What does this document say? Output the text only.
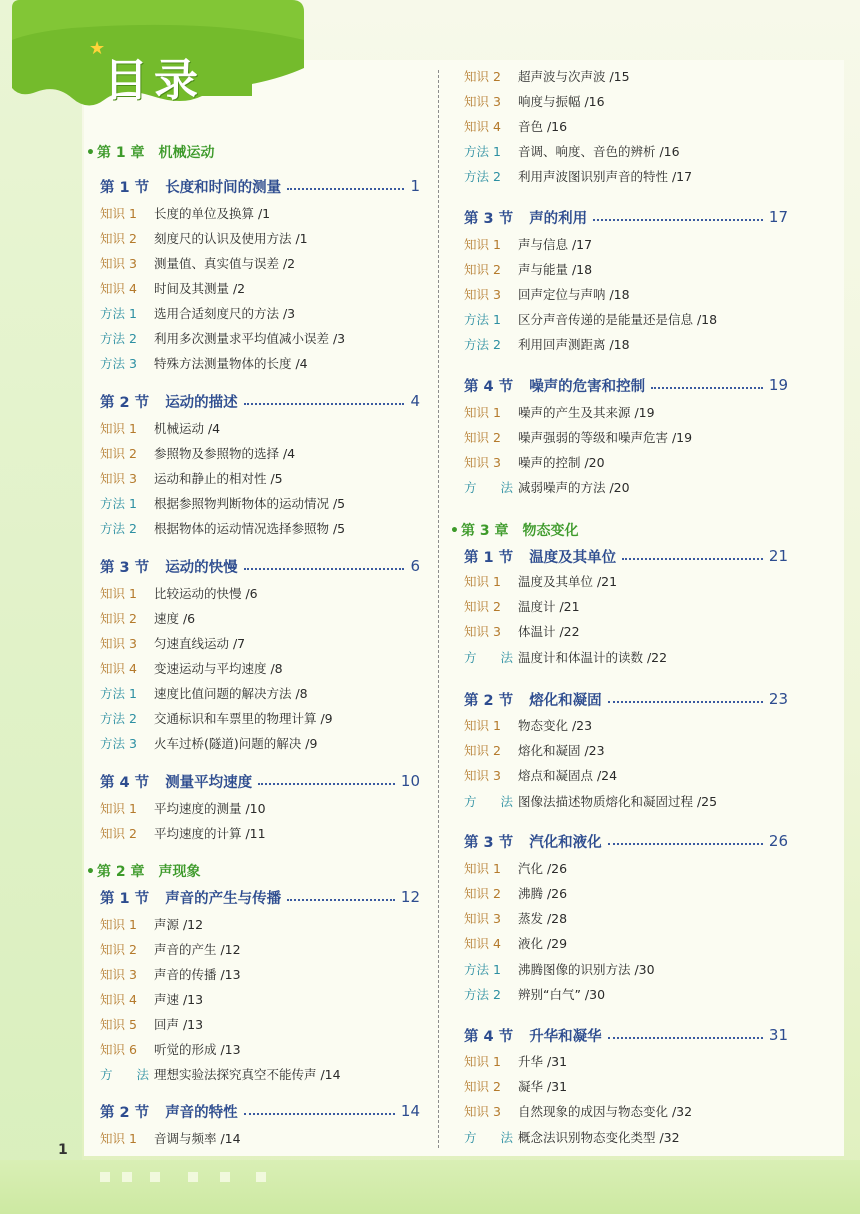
★
目录
• 第 1 章 机械运动
第 1 节 长度和时间的测量	1
知识 1 长度的单位及换算 /1
知识 2 刻度尺的认识及使用方法 /1
知识 3 测量值、真实值与误差 /2
知识 4 时间及其测量 /2
方法 1 选用合适刻度尺的方法 /3
方法 2 利用多次测量求平均值减小误差 /3
方法 3 特殊方法测量物体的长度 /4
第 2 节 运动的描述	4
知识 1 机械运动 /4
知识 2 参照物及参照物的选择 /4
知识 3 运动和静止的相对性 /5
方法 1 根据参照物判断物体的运动情况 /5
方法 2 根据物体的运动情况选择参照物 /5
第 3 节 运动的快慢	6
知识 1 比较运动的快慢 /6
知识 2 速度 /6
知识 3 匀速直线运动 /7
知识 4 变速运动与平均速度 /8
方法 1 速度比值问题的解决方法 /8
方法 2 交通标识和车票里的物理计算 /9
方法 3 火车过桥(隧道)问题的解决 /9
第 4 节 测量平均速度	10
知识 1 平均速度的测量 /10
知识 2 平均速度的计算 /11
• 第 2 章 声现象
第 1 节 声音的产生与传播	12
知识 1 声源 /12
知识 2 声音的产生 /12
知识 3 声音的传播 /13
知识 4 声速 /13
知识 5 回声 /13
知识 6 听觉的形成 /13
方 法理想实验法探究真空不能传声 /14
第 2 节 声音的特性	14
知识 1 音调与频率 /14
知识 2 超声波与次声波 /15
知识 3 响度与振幅 /16
知识 4 音色 /16
方法 1 音调、响度、音色的辨析 /16
方法 2 利用声波图识别声音的特性 /17
第 3 节 声的利用	17
知识 1 声与信息 /17
知识 2 声与能量 /18
知识 3 回声定位与声呐 /18
方法 1 区分声音传递的是能量还是信息 /18
方法 2 利用回声测距离 /18
第 4 节 噪声的危害和控制	19
知识 1 噪声的产生及其来源 /19
知识 2 噪声强弱的等级和噪声危害 /19
知识 3 噪声的控制 /20
方 法减弱噪声的方法 /20
• 第 3 章 物态变化
第 1 节 温度及其单位	21
知识 1 温度及其单位 /21
知识 2 温度计 /21
知识 3 体温计 /22
方 法温度计和体温计的读数 /22
第 2 节 熔化和凝固	23
知识 1 物态变化 /23
知识 2 熔化和凝固 /23
知识 3 熔点和凝固点 /24
方 法图像法描述物质熔化和凝固过程 /25
第 3 节 汽化和液化	26
知识 1 汽化 /26
知识 2 沸腾 /26
知识 3 蒸发 /28
知识 4 液化 /29
方法 1 沸腾图像的识别方法 /30
方法 2 辨别“白气” /30
第 4 节 升华和凝华	31
知识 1 升华 /31
知识 2 凝华 /31
知识 3 自然现象的成因与物态变化 /32
方 法概念法识别物态变化类型 /32
1
